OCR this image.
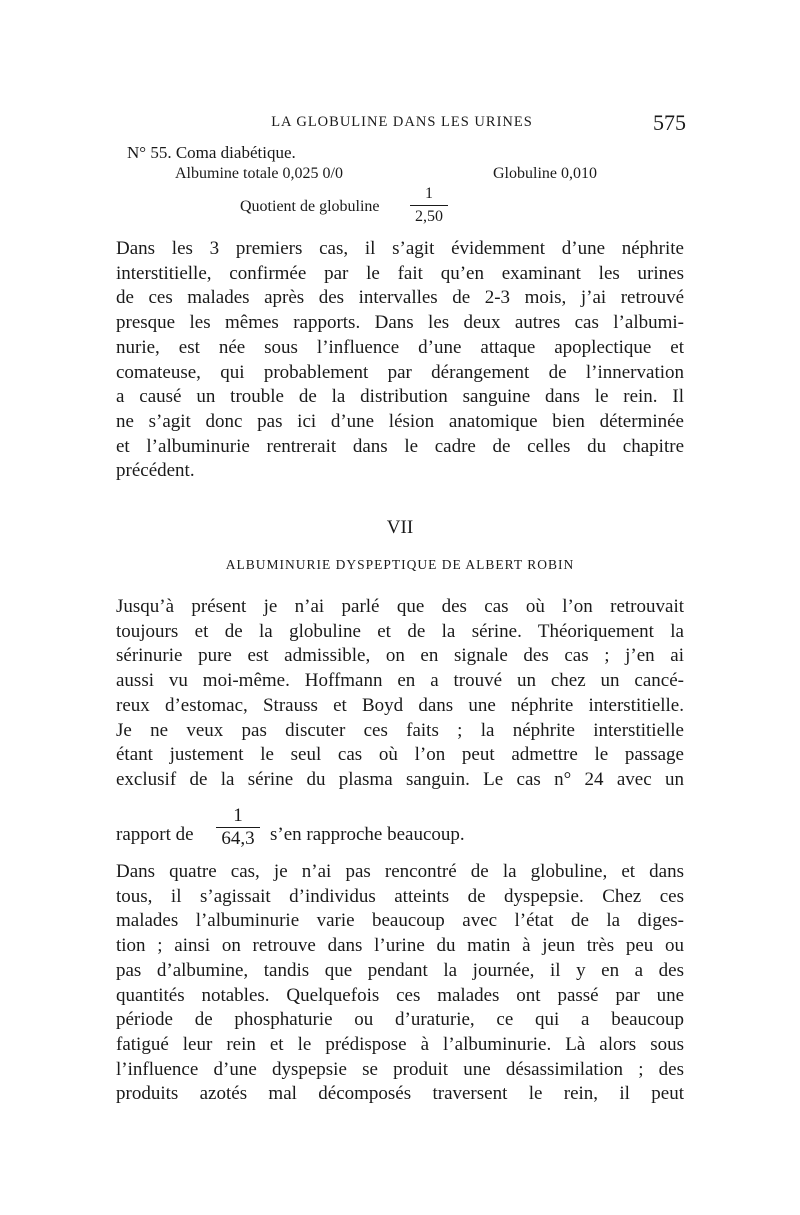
LA GLOBULINE DANS LES URINES	575
N° 55. Coma diabétique.
Albumine totale 0,025 0/0	Globuline 0,010
Quotient de globuline
1
2,50
Dans les 3 premiers cas, il s’agit évidemment d’une néphrite
interstitielle, confirmée par le fait qu’en examinant les urines
de ces malades après des intervalles de 2-3 mois, j’ai retrouvé
presque les mêmes rapports. Dans les deux autres cas l’albumi-
nurie, est née sous l’influence d’une attaque apoplectique et
comateuse, qui probablement par dérangement de l’innervation
a causé un trouble de la distribution sanguine dans le rein. Il
ne s’agit donc pas ici d’une lésion anatomique bien déterminée
et l’albuminurie rentrerait dans le cadre de celles du chapitre
précédent.
VII
ALBUMINURIE DYSPEPTIQUE DE ALBERT ROBIN
Jusqu’à présent je n’ai parlé que des cas où l’on retrouvait
toujours et de la globuline et de la sérine. Théoriquement la
sérinurie pure est admissible, on en signale des cas ; j’en ai
aussi vu moi-même. Hoffmann en a trouvé un chez un cancé-
reux d’estomac, Strauss et Boyd dans une néphrite interstitielle.
Je ne veux pas discuter ces faits ; la néphrite interstitielle
étant justement le seul cas où l’on peut admettre le passage
exclusif de la sérine du plasma sanguin. Le cas n° 24 avec un
rapport de
1
64,3 s’en rapproche beaucoup.
Dans quatre cas, je n’ai pas rencontré de la globuline, et dans
tous, il s’agissait d’individus atteints de dyspepsie. Chez ces
malades l’albuminurie varie beaucoup avec l’état de la diges-
tion ; ainsi on retrouve dans l’urine du matin à jeun très peu ou
pas d’albumine, tandis que pendant la journée, il y en a des
quantités notables. Quelquefois ces malades ont passé par une
période de phosphaturie ou d’uraturie, ce qui a beaucoup
fatigué leur rein et le prédispose à l’albuminurie. Là alors sous
l’influence d’une dyspepsie se produit une désassimilation ; des
produits azotés mal décomposés traversent le rein, il peut
